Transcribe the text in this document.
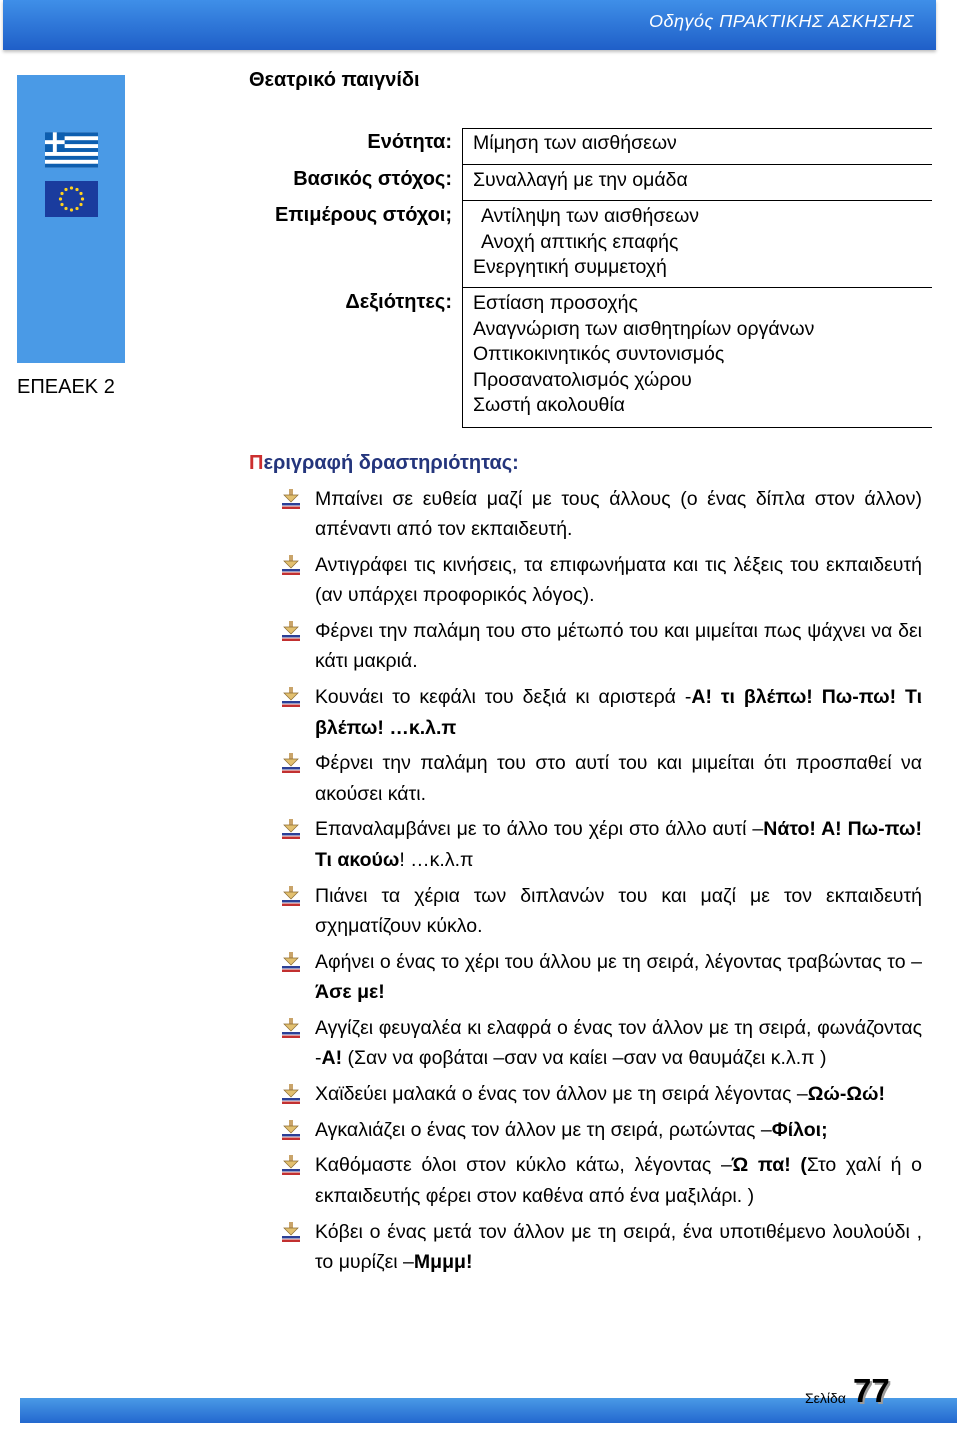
Οδηγός ΠΡΑΚΤΙΚΗΣ ΑΣΚΗΣΗΣ
ΕΠΕΑΕΚ 2
Θεατρικό παιγνίδι
Ενότητα: Μίμηση των αισθήσεων
Βασικός στόχος: Συναλλαγή με την ομάδα
Επιμέρους στόχοι; Αντίληψη των αισθήσεων
Ανοχή απτικής επαφής
Ενεργητική συμμετοχή
Δεξιότητες: Εστίαση προσοχής
Αναγνώριση των αισθητηρίων οργάνων
Οπτικοκινητικός συντονισμός
Προσανατολισμός χώρου
Σωστή ακολουθία
Περιγραφή δραστηριότητας:
Μπαίνει σε ευθεία μαζί με τους άλλους (ο ένας δίπλα στον άλλον) απέναντι από τον εκπαιδευτή.
Αντιγράφει τις κινήσεις, τα επιφωνήματα και τις λέξεις του εκπαιδευτή (αν υπάρχει προφορικός λόγος).
Φέρνει την παλάμη του στο μέτωπό του και μιμείται πως ψάχνει να δει κάτι μακριά.
Κουνάει το κεφάλι του δεξιά κι αριστερά -Α! τι βλέπω! Πω-πω! Τι βλέπω! …κ.λ.π
Φέρνει την παλάμη του στο αυτί του και μιμείται ότι προσπαθεί να ακούσει κάτι.
Επαναλαμβάνει με το άλλο του χέρι στο άλλο αυτί –Νάτο! Α! Πω-πω! Τι ακούω! …κ.λ.π
Πιάνει τα χέρια των διπλανών του και μαζί με τον εκπαιδευτή σχηματίζουν κύκλο.
Αφήνει ο ένας το χέρι του άλλου με τη σειρά, λέγοντας τραβώντας το –Άσε με!
Αγγίζει φευγαλέα κι ελαφρά ο ένας τον άλλον με τη σειρά, φωνάζοντας -Α! (Σαν να φοβάται –σαν να καίει –σαν να θαυμάζει κ.λ.π )
Χαϊδεύει μαλακά ο ένας τον άλλον με τη σειρά λέγοντας –Ωώ-Ωώ!
Αγκαλιάζει ο ένας τον άλλον με τη σειρά, ρωτώντας –Φίλοι;
Καθόμαστε όλοι στον κύκλο κάτω, λέγοντας –Ώ πα! (Στο χαλί ή ο εκπαιδευτής φέρει στον καθένα από ένα μαξιλάρι. )
Κόβει ο ένας μετά τον άλλον με τη σειρά, ένα υποτιθέμενο λουλούδι , το μυρίζει –Μμμμ!
Σελίδα 77
